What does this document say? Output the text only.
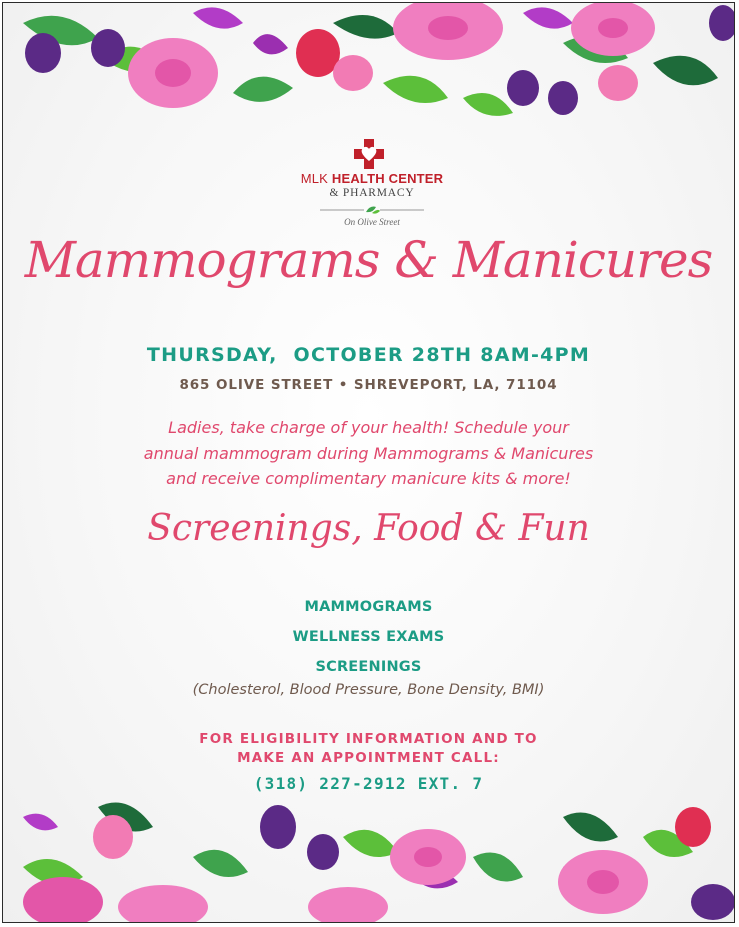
MLK HEALTH CENTER
& PHARMACY
On Olive Street
Mammograms & Manicures
THURSDAY,  OCTOBER 28TH 8AM-4PM
865 OLIVE STREET • SHREVEPORT, LA, 71104
Ladies, take charge of your health! Schedule your
annual mammogram during Mammograms & Manicures
and receive complimentary manicure kits & more!
Screenings, Food & Fun
MAMMOGRAMS
WELLNESS EXAMS
SCREENINGS
(Cholesterol, Blood Pressure, Bone Density, BMI)
FOR ELIGIBILITY INFORMATION AND TO
MAKE AN APPOINTMENT CALL:
(318) 227-2912 EXT. 7
